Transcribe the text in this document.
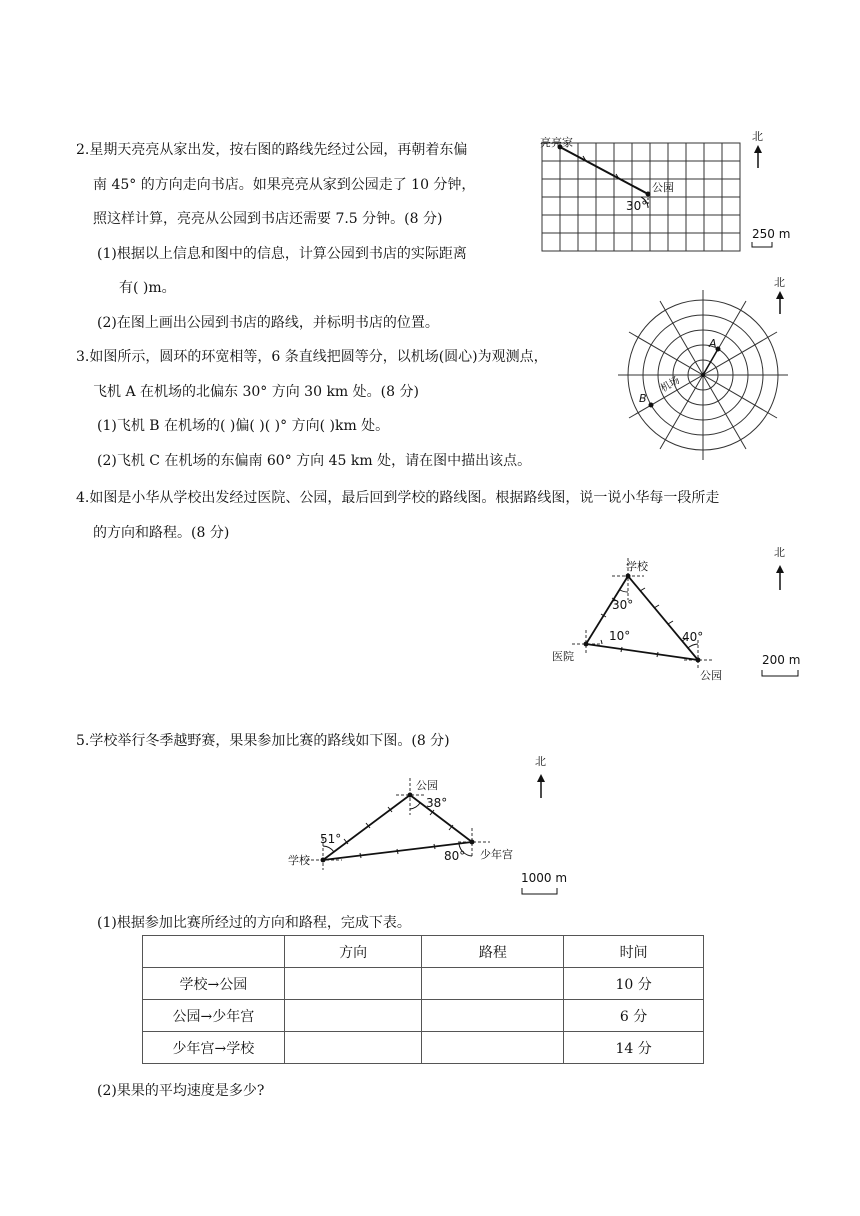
2.星期天亮亮从家出发，按右图的路线先经过公园，再朝着东偏
南 45° 的方向走向书店。如果亮亮从家到公园走了 10 分钟，
照这样计算，亮亮从公园到书店还需要 7.5 分钟。(8 分)
(1)根据以上信息和图中的信息，计算公园到书店的实际距离
有( )m。
(2)在图上画出公园到书店的路线，并标明书店的位置。
亮亮家
公园
30°
北
250 m
3.如图所示，圆环的环宽相等，6 条直线把圆等分，以机场(圆心)为观测点，
飞机 A 在机场的北偏东 30° 方向 30 km 处。(8 分)
(1)飞机 B 在机场的( )偏( )( )° 方向( )km 处。
(2)飞机 C 在机场的东偏南 60° 方向 45 km 处，请在图中描出该点。
A
B
机场
北
4.如图是小华从学校出发经过医院、公园，最后回到学校的路线图。根据路线图，说一说小华每一段所走
的方向和路程。(8 分)
学校
医院
公园
30°
10°	40°
北
200 m
5.学校举行冬季越野赛，果果参加比赛的路线如下图。(8 分)
公园
学校	少年宫
51°
38°
80°
北
1000 m
(1)根据参加比赛所经过的方向和路程，完成下表。
	方向	路程	时间
学校→公园			10 分
公园→少年宫			6 分
少年宫→学校			14 分
(2)果果的平均速度是多少?
